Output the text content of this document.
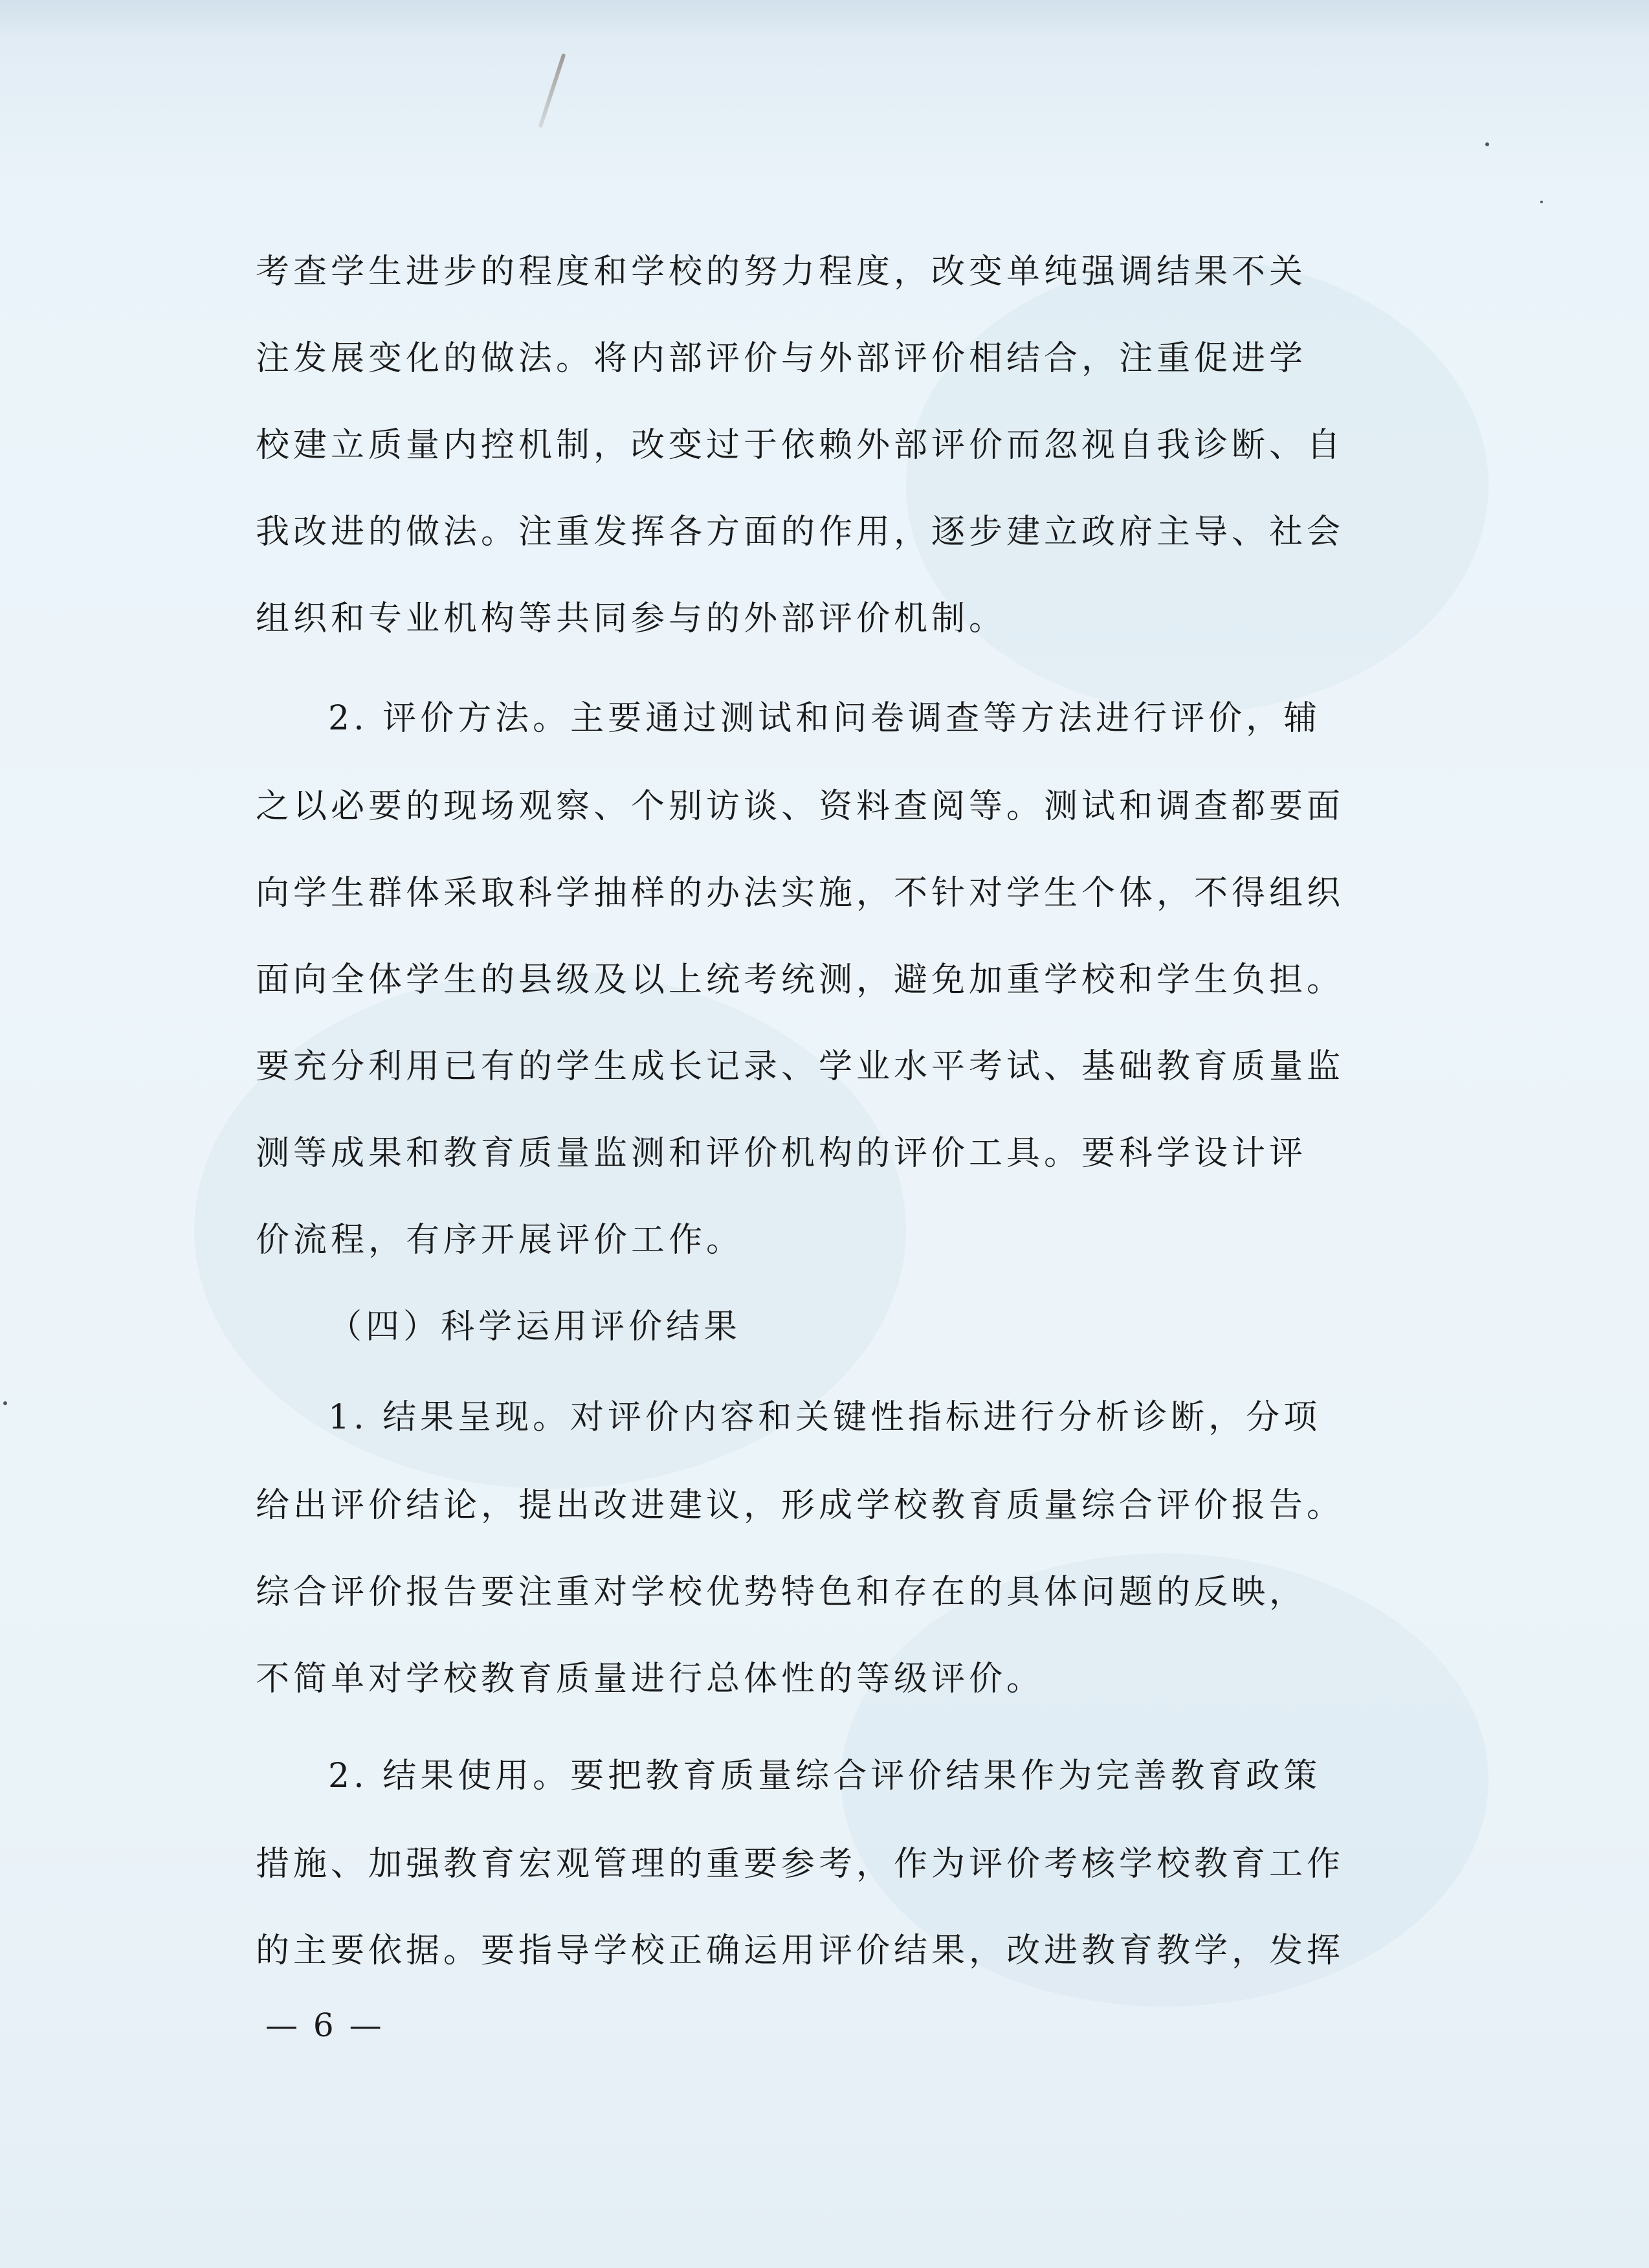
考查学生进步的程度和学校的努力程度，改变单纯强调结果不关
注发展变化的做法。将内部评价与外部评价相结合，注重促进学
校建立质量内控机制，改变过于依赖外部评价而忽视自我诊断、自
我改进的做法。注重发挥各方面的作用，逐步建立政府主导、社会
组织和专业机构等共同参与的外部评价机制。
2. 评价方法。主要通过测试和问卷调查等方法进行评价，辅
之以必要的现场观察、个别访谈、资料查阅等。测试和调查都要面
向学生群体采取科学抽样的办法实施，不针对学生个体，不得组织
面向全体学生的县级及以上统考统测，避免加重学校和学生负担。
要充分利用已有的学生成长记录、学业水平考试、基础教育质量监
测等成果和教育质量监测和评价机构的评价工具。要科学设计评
价流程，有序开展评价工作。
（四）科学运用评价结果
1. 结果呈现。对评价内容和关键性指标进行分析诊断，分项
给出评价结论，提出改进建议，形成学校教育质量综合评价报告。
综合评价报告要注重对学校优势特色和存在的具体问题的反映，
不简单对学校教育质量进行总体性的等级评价。
2. 结果使用。要把教育质量综合评价结果作为完善教育政策
措施、加强教育宏观管理的重要参考，作为评价考核学校教育工作
的主要依据。要指导学校正确运用评价结果，改进教育教学，发挥
— 6 —
